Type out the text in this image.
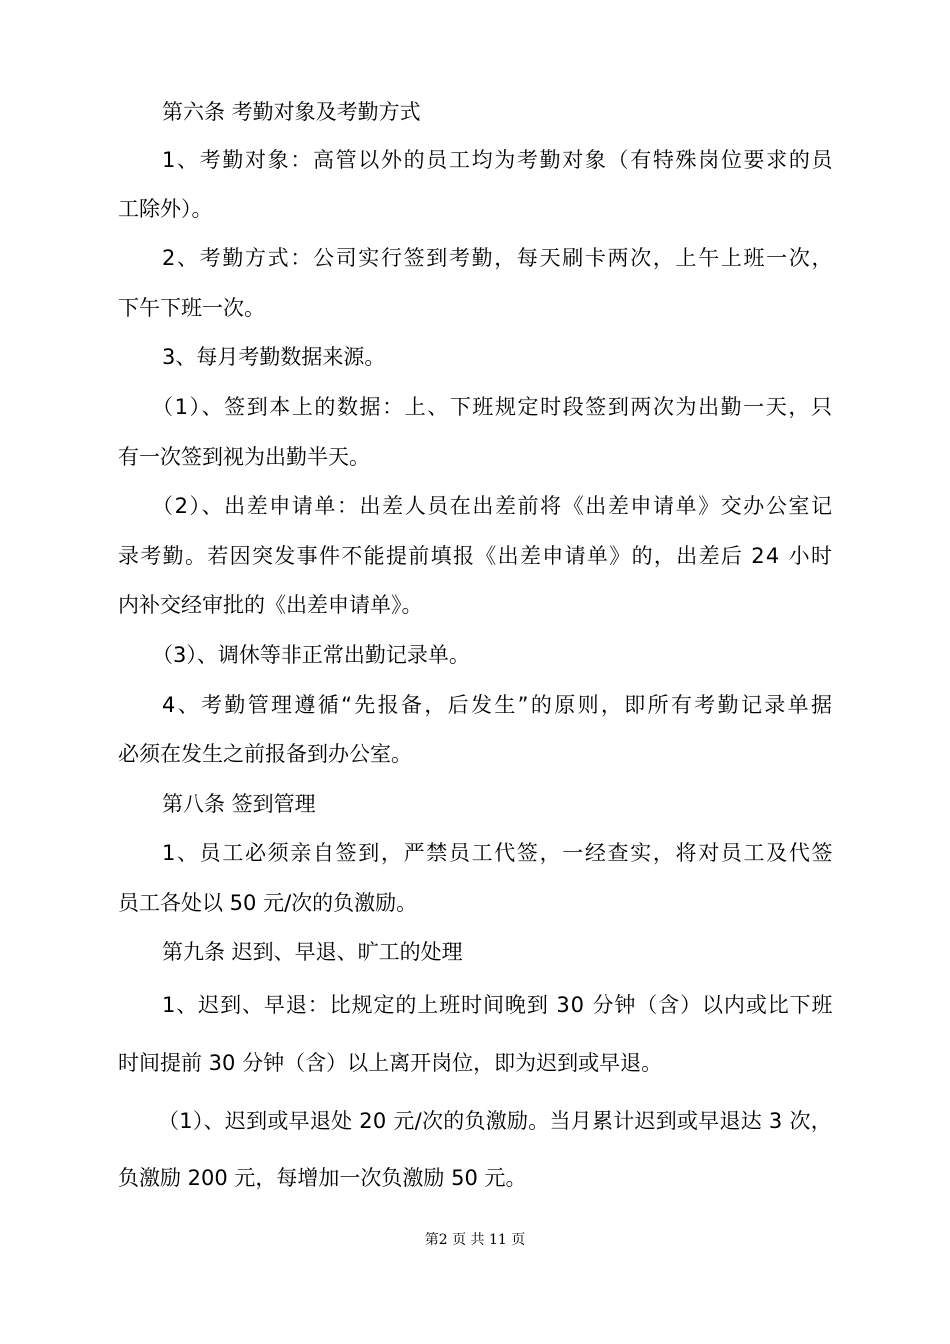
第六条 考勤对象及考勤方式

1、考勤对象：高管以外的员工均为考勤对象（有特殊岗位要求的员

工除外）。

2、考勤方式：公司实行签到考勤，每天刷卡两次，上午上班一次，

下午下班一次。

3、每月考勤数据来源。

（1）、签到本上的数据：上、下班规定时段签到两次为出勤一天，只

有一次签到视为出勤半天。

（2）、出差申请单：出差人员在出差前将《出差申请单》交办公室记

录考勤。若因突发事件不能提前填报《出差申请单》的，出差后 24 小时

内补交经审批的《出差申请单》。

（3）、调休等非正常出勤记录单。

4、考勤管理遵循“先报备，后发生”的原则，即所有考勤记录单据

必须在发生之前报备到办公室。

第八条 签到管理

1、员工必须亲自签到，严禁员工代签，一经查实，将对员工及代签

员工各处以 50 元/次的负激励。

第九条 迟到、早退、旷工的处理

1、迟到、早退：比规定的上班时间晚到 30 分钟（含）以内或比下班

时间提前 30 分钟（含）以上离开岗位，即为迟到或早退。

（1）、迟到或早退处 20 元/次的负激励。当月累计迟到或早退达 3 次，

负激励 200 元，每增加一次负激励 50 元。

第2 页 共 11 页
